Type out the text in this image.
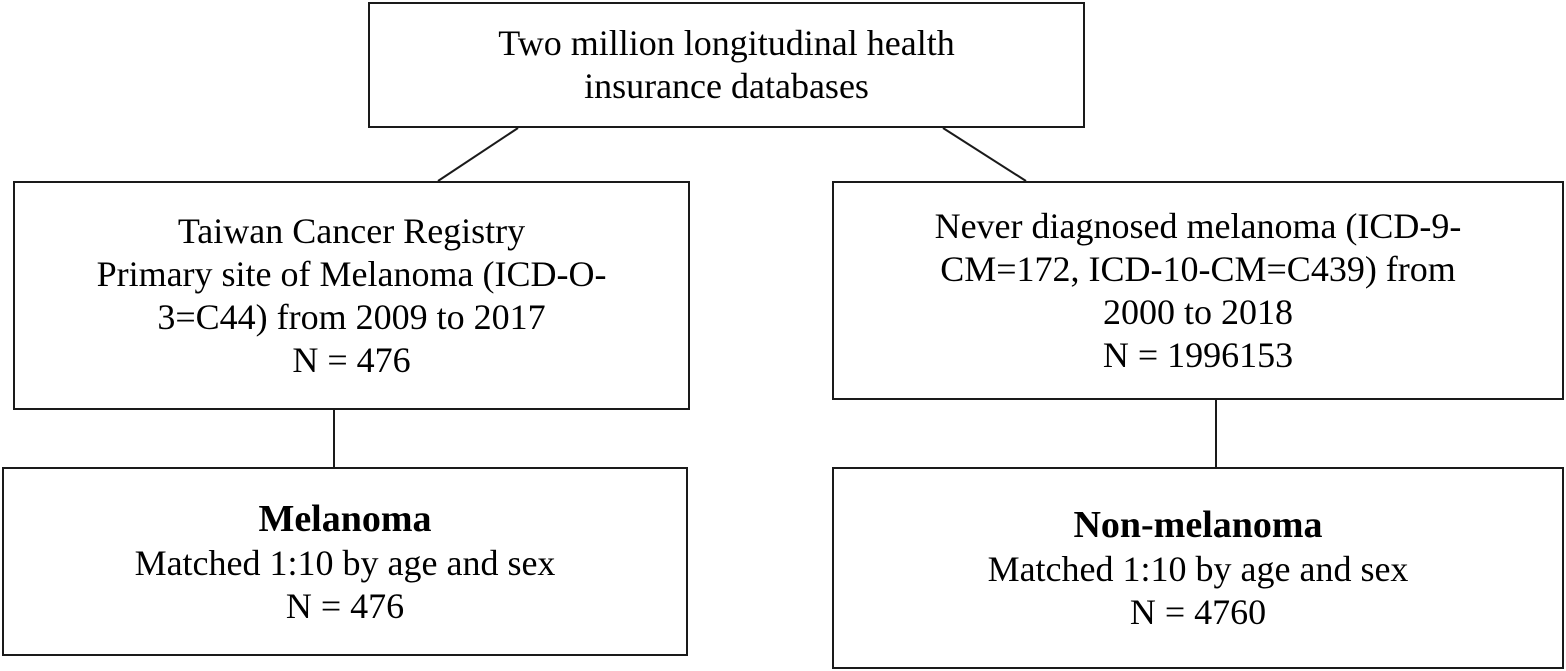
Two million longitudinal health
insurance databases
Taiwan Cancer Registry
Primary site of Melanoma (ICD-O-
3=C44) from 2009 to 2017
N = 476
Never diagnosed melanoma (ICD-9-
CM=172, ICD-10-CM=C439) from
2000 to 2018
N = 1996153
Melanoma
Matched 1:10 by age and sex
N = 476
Non-melanoma
Matched 1:10 by age and sex
N = 4760
